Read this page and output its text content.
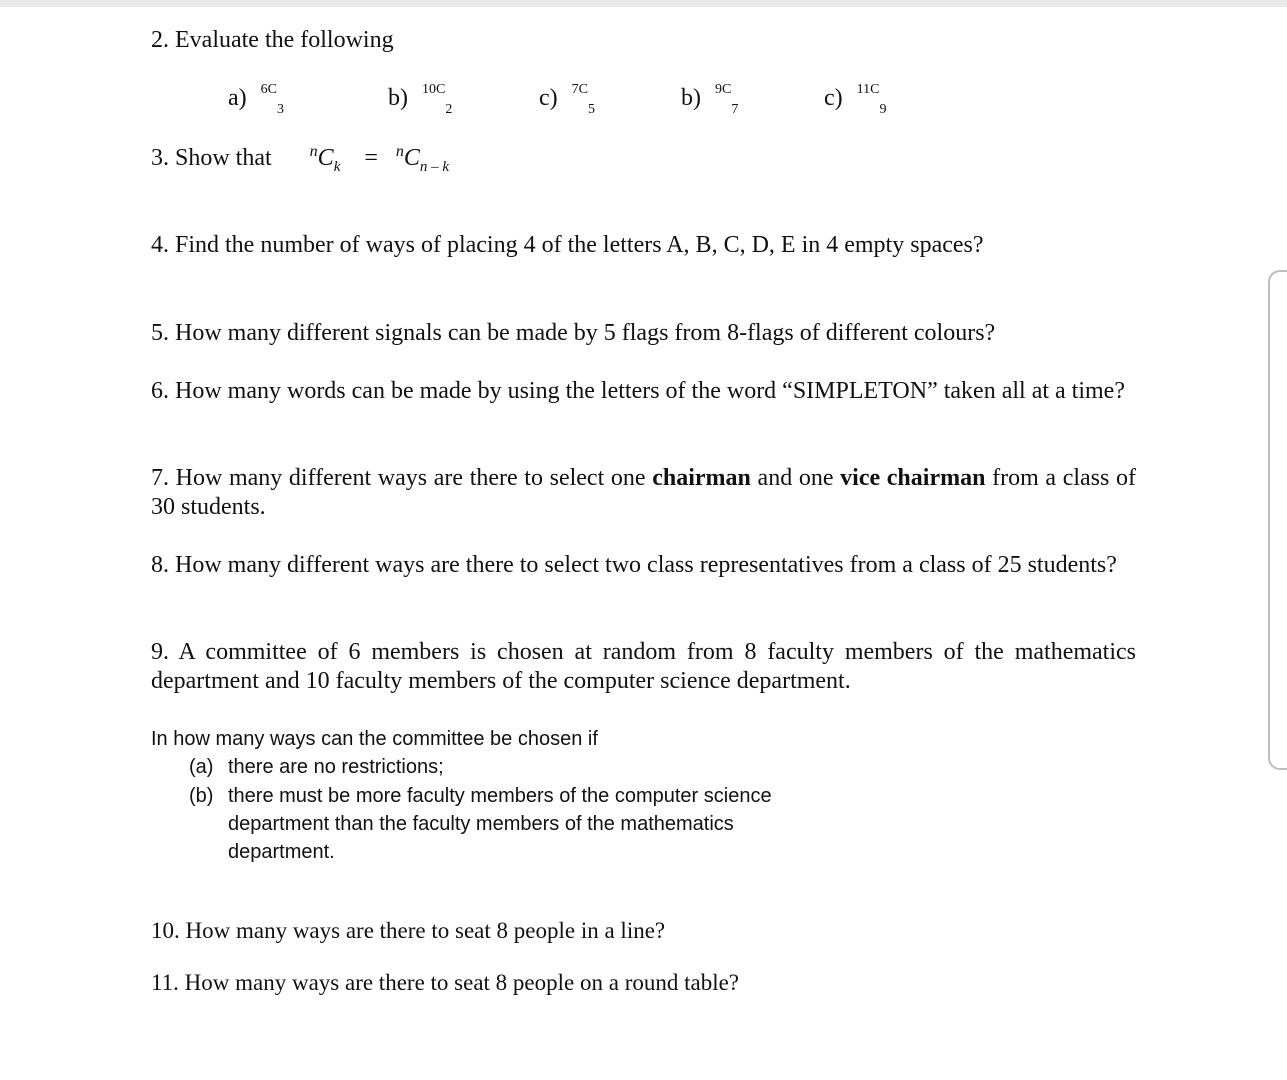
2. Evaluate the following
a) $^{6C}_3$	b) $^{10C}_2$	c) $^{7C}_5$	b) $^{9C}_7$	c) $^{11C}_9$
3. Show that $^nC_k = ^nC_{n - k}$
4. Find the number of ways of placing 4 of the letters A, B, C, D, E in 4 empty spaces?
5. How many different signals can be made by 5 flags from 8-flags of different colours?
6. How many words can be made by using the letters of the word “SIMPLETON” taken all at a time?
7. How many different ways are there to select one chairman and one vice chairman from a class of 30 students.
8. How many different ways are there to select two class representatives from a class of 25 students?
9. A committee of 6 members is chosen at random from 8 faculty members of the mathematics department and 10 faculty members of the computer science department.
In how many ways can the committee be chosen if
(a) there are no restrictions;
(b) there must be more faculty members of the computer science
department than the faculty members of the mathematics
department.
10. How many ways are there to seat 8 people in a line?
11. How many ways are there to seat 8 people on a round table?
